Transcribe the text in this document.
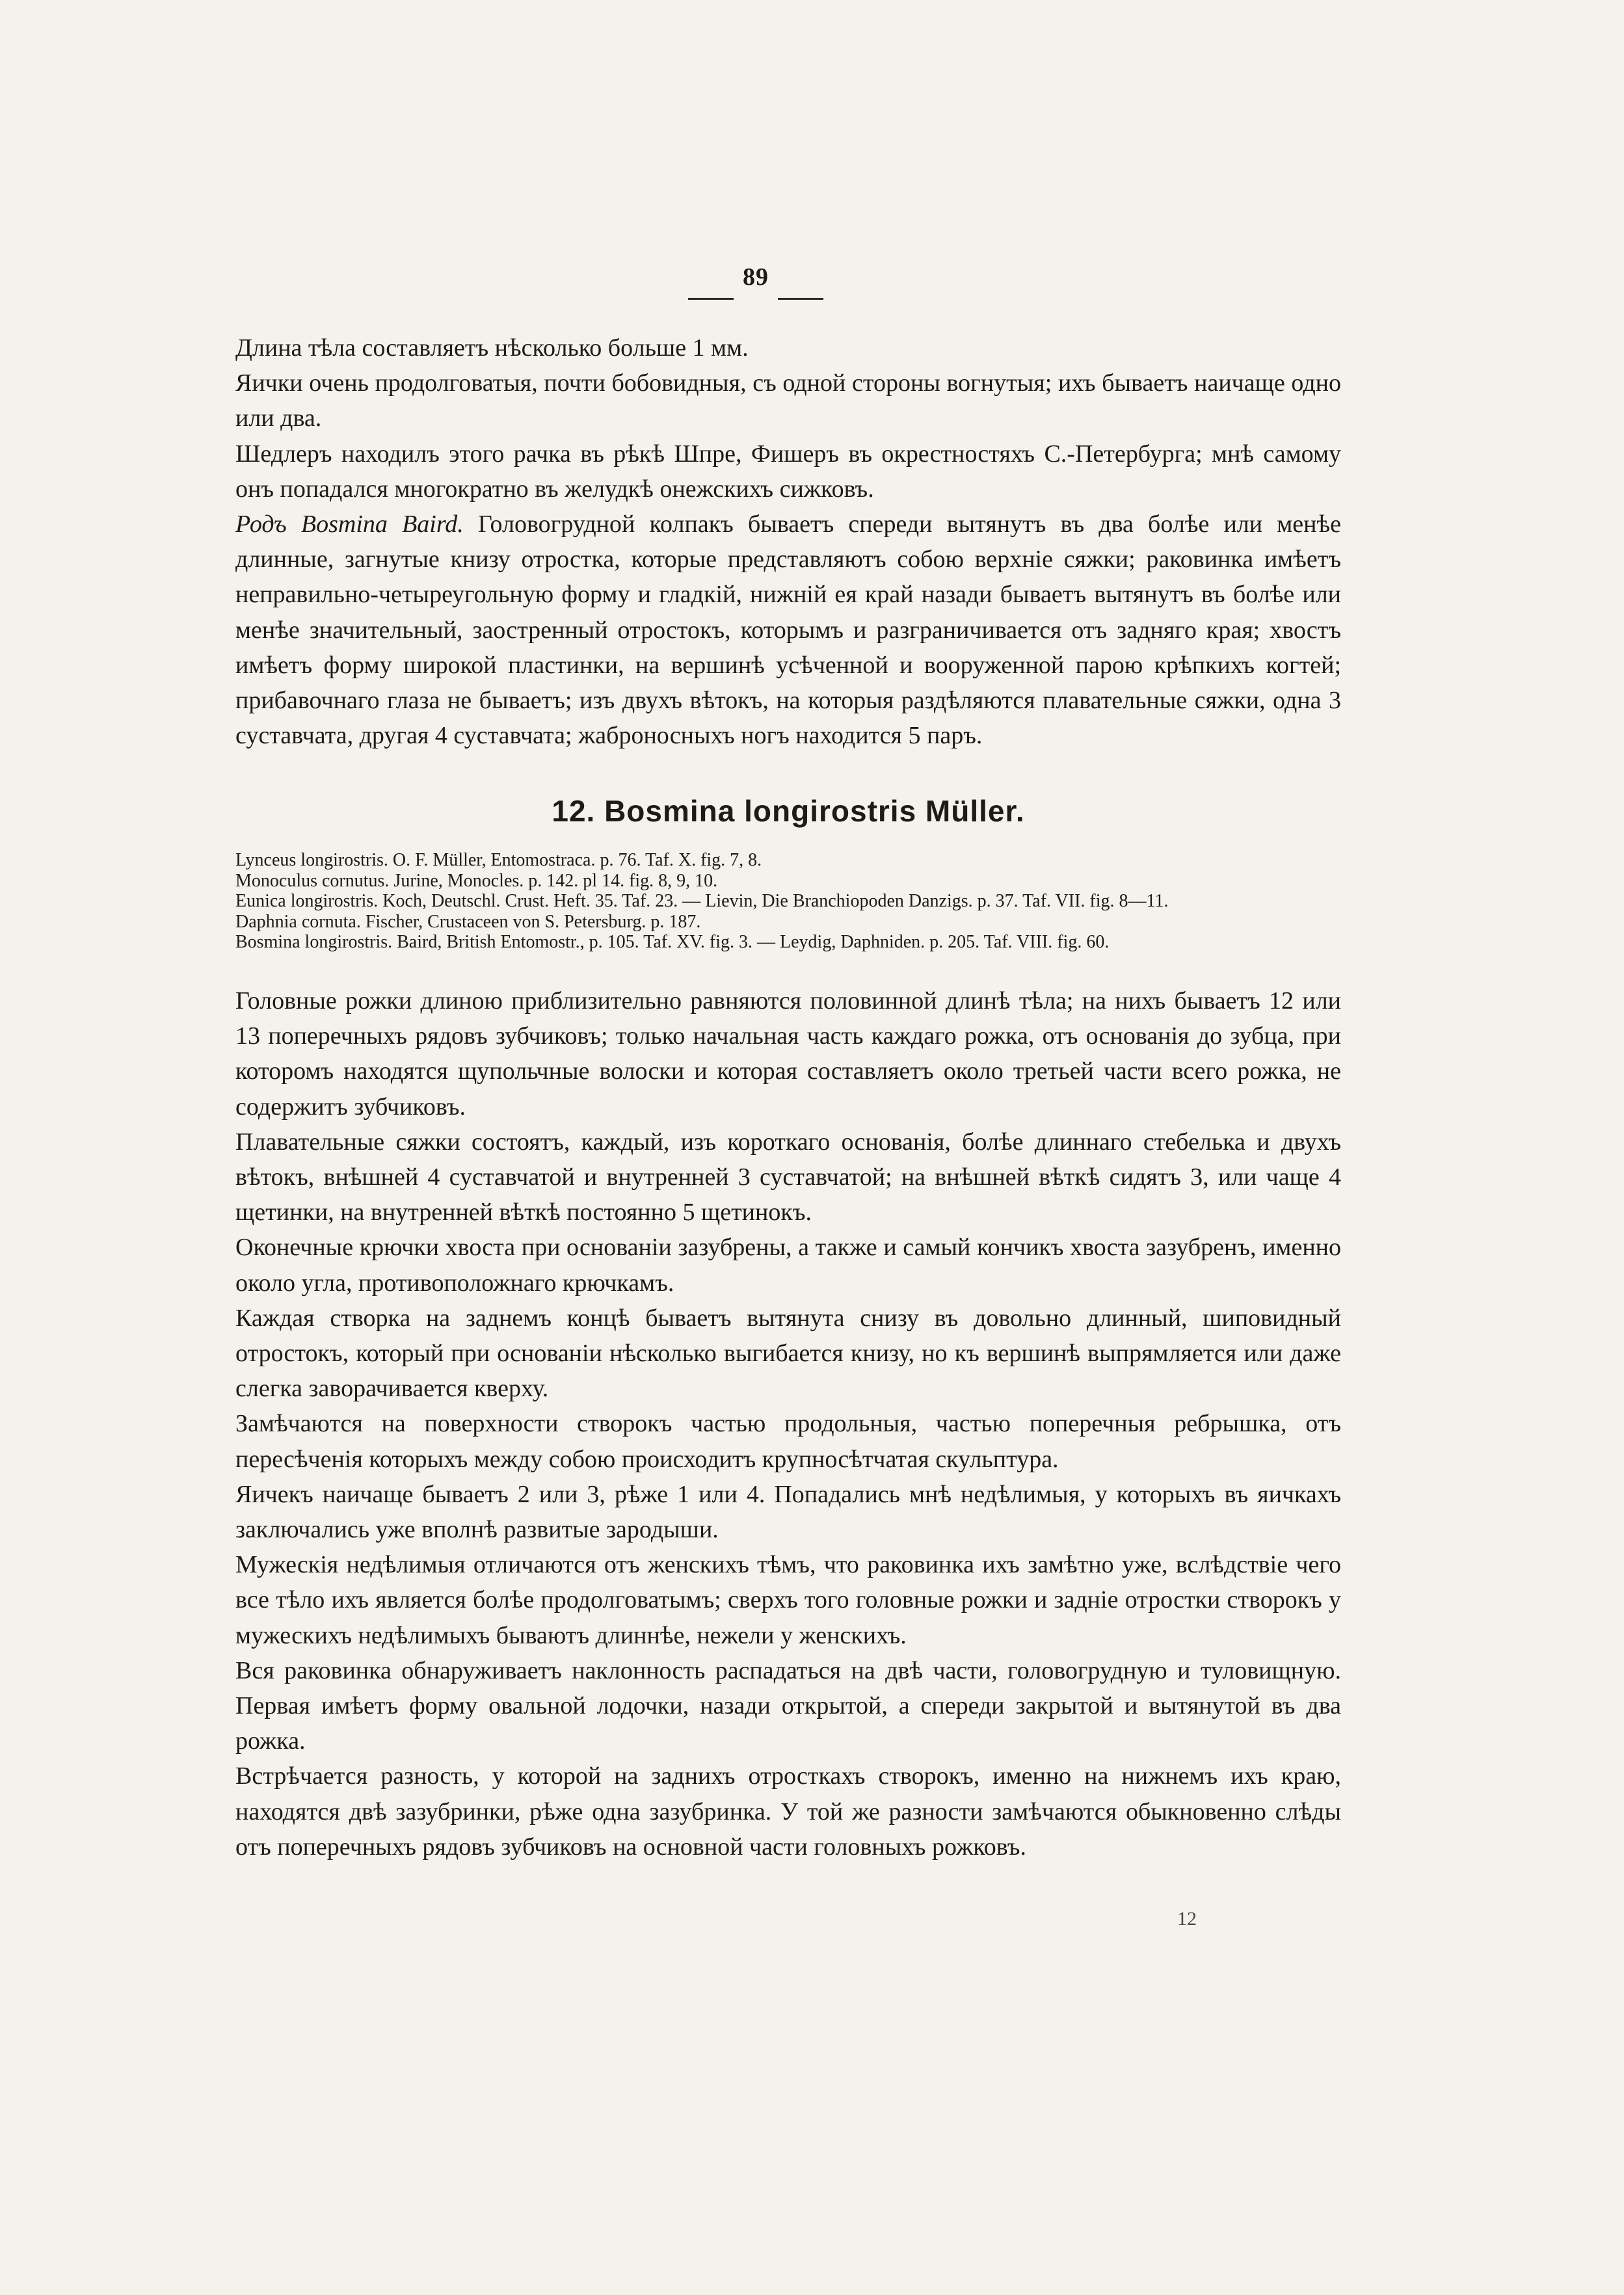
89

Длина тѣла составляетъ нѣсколько больше 1 мм.

Яички очень продолговатыя, почти бобовидныя, съ одной стороны вогнутыя; ихъ бываетъ наичаще одно или два.

Шедлеръ находилъ этого рачка въ рѣкѣ Шпре, Фишеръ въ окрестностяхъ С.-Петербурга; мнѣ самому онъ попадался многократно въ желудкѣ онежскихъ сижковъ.

Родъ Bosmina Baird. Головогрудной колпакъ бываетъ спереди вытянутъ въ два болѣе или менѣе длинные, загнутые книзу отростка, которые представляютъ собою верхніе сяжки; раковинка имѣетъ неправильно-четыреугольную форму и гладкій, нижній ея край назади бываетъ вытянутъ въ болѣе или менѣе значительный, заостренный отростокъ, которымъ и разграничивается отъ задняго края; хвостъ имѣетъ форму широкой пластинки, на вершинѣ усѣченной и вооруженной парою крѣпкихъ когтей; прибавочнаго глаза не бываетъ; изъ двухъ вѣтокъ, на которыя раздѣляются плавательные сяжки, одна 3 суставчата, другая 4 суставчата; жаброносныхъ ногъ находится 5 паръ.

12. Bosmina longirostris Müller.

Lynceus longirostris. O. F. Müller, Entomostraca. p. 76. Taf. X. fig. 7, 8.

Monoculus cornutus. Jurine, Monocles. p. 142. pl 14. fig. 8, 9, 10.

Eunica longirostris. Koch, Deutschl. Crust. Heft. 35. Taf. 23. — Lievin, Die Branchiopoden Danzigs. p. 37. Taf. VII. fig. 8—11.

Daphnia cornuta. Fischer, Crustaceen von S. Petersburg. p. 187.

Bosmina longirostris. Baird, British Entomostr., p. 105. Taf. XV. fig. 3. — Leydig, Daphniden. p. 205. Taf. VIII. fig. 60.

Головные рожки длиною приблизительно равняются половинной длинѣ тѣла; на нихъ бываетъ 12 или 13 поперечныхъ рядовъ зубчиковъ; только начальная часть каждаго рожка, отъ основанія до зубца, при которомъ находятся щупольчные волоски и которая составляетъ около третьей части всего рожка, не содержитъ зубчиковъ.

Плавательные сяжки состоятъ, каждый, изъ короткаго основанія, болѣе длиннаго стебелька и двухъ вѣтокъ, внѣшней 4 суставчатой и внутренней 3 суставчатой; на внѣшней вѣткѣ сидятъ 3, или чаще 4 щетинки, на внутренней вѣткѣ постоянно 5 щетинокъ.

Оконечные крючки хвоста при основаніи зазубрены, а также и самый кончикъ хвоста зазубренъ, именно около угла, противоположнаго крючкамъ.

Каждая створка на заднемъ концѣ бываетъ вытянута снизу въ довольно длинный, шиповидный отростокъ, который при основаніи нѣсколько выгибается книзу, но къ вершинѣ выпрямляется или даже слегка заворачивается кверху.

Замѣчаются на поверхности створокъ частью продольныя, частью поперечныя ребрышка, отъ пересѣченія которыхъ между собою происходитъ крупносѣтчатая скульптура.

Яичекъ наичаще бываетъ 2 или 3, рѣже 1 или 4. Попадались мнѣ недѣлимыя, у которыхъ въ яичкахъ заключались уже вполнѣ развитые зародыши.

Мужескія недѣлимыя отличаются отъ женскихъ тѣмъ, что раковинка ихъ замѣтно уже, вслѣдствіе чего все тѣло ихъ является болѣе продолговатымъ; сверхъ того головные рожки и задніе отростки створокъ у мужескихъ недѣлимыхъ бываютъ длиннѣе, нежели у женскихъ.

Вся раковинка обнаруживаетъ наклонность распадаться на двѣ части, головогрудную и туловищную. Первая имѣетъ форму овальной лодочки, назади открытой, а спереди закрытой и вытянутой въ два рожка.

Встрѣчается разность, у которой на заднихъ отросткахъ створокъ, именно на нижнемъ ихъ краю, находятся двѣ зазубринки, рѣже одна зазубринка. У той же разности замѣчаются обыкновенно слѣды отъ поперечныхъ рядовъ зубчиковъ на основной части головныхъ рожковъ.

12
